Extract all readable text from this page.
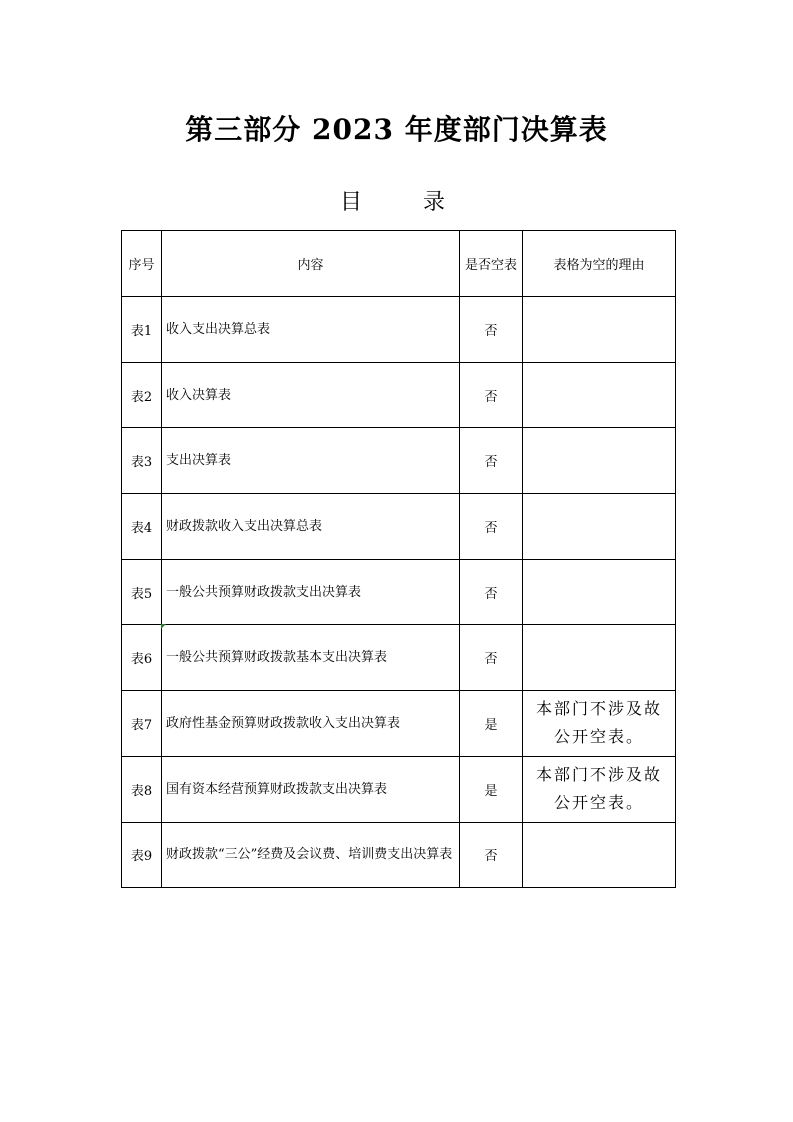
第三部分 2023 年度部门决算表
目 录
序号	内容	是否空表	表格为空的理由
表1	收入支出决算总表	否	
表2	收入决算表	否	
表3	支出决算表	否	
表4	财政拨款收入支出决算总表	否	
表5	一般公共预算财政拨款支出决算表	否	
表6	一般公共预算财政拨款基本支出决算表	否	
表7	政府性基金预算财政拨款收入支出决算表	是	本部门不涉及故公开空表。
表8	国有资本经营预算财政拨款支出决算表	是	本部门不涉及故公开空表。
表9	财政拨款“三公”经费及会议费、培训费支出决算表	否	
